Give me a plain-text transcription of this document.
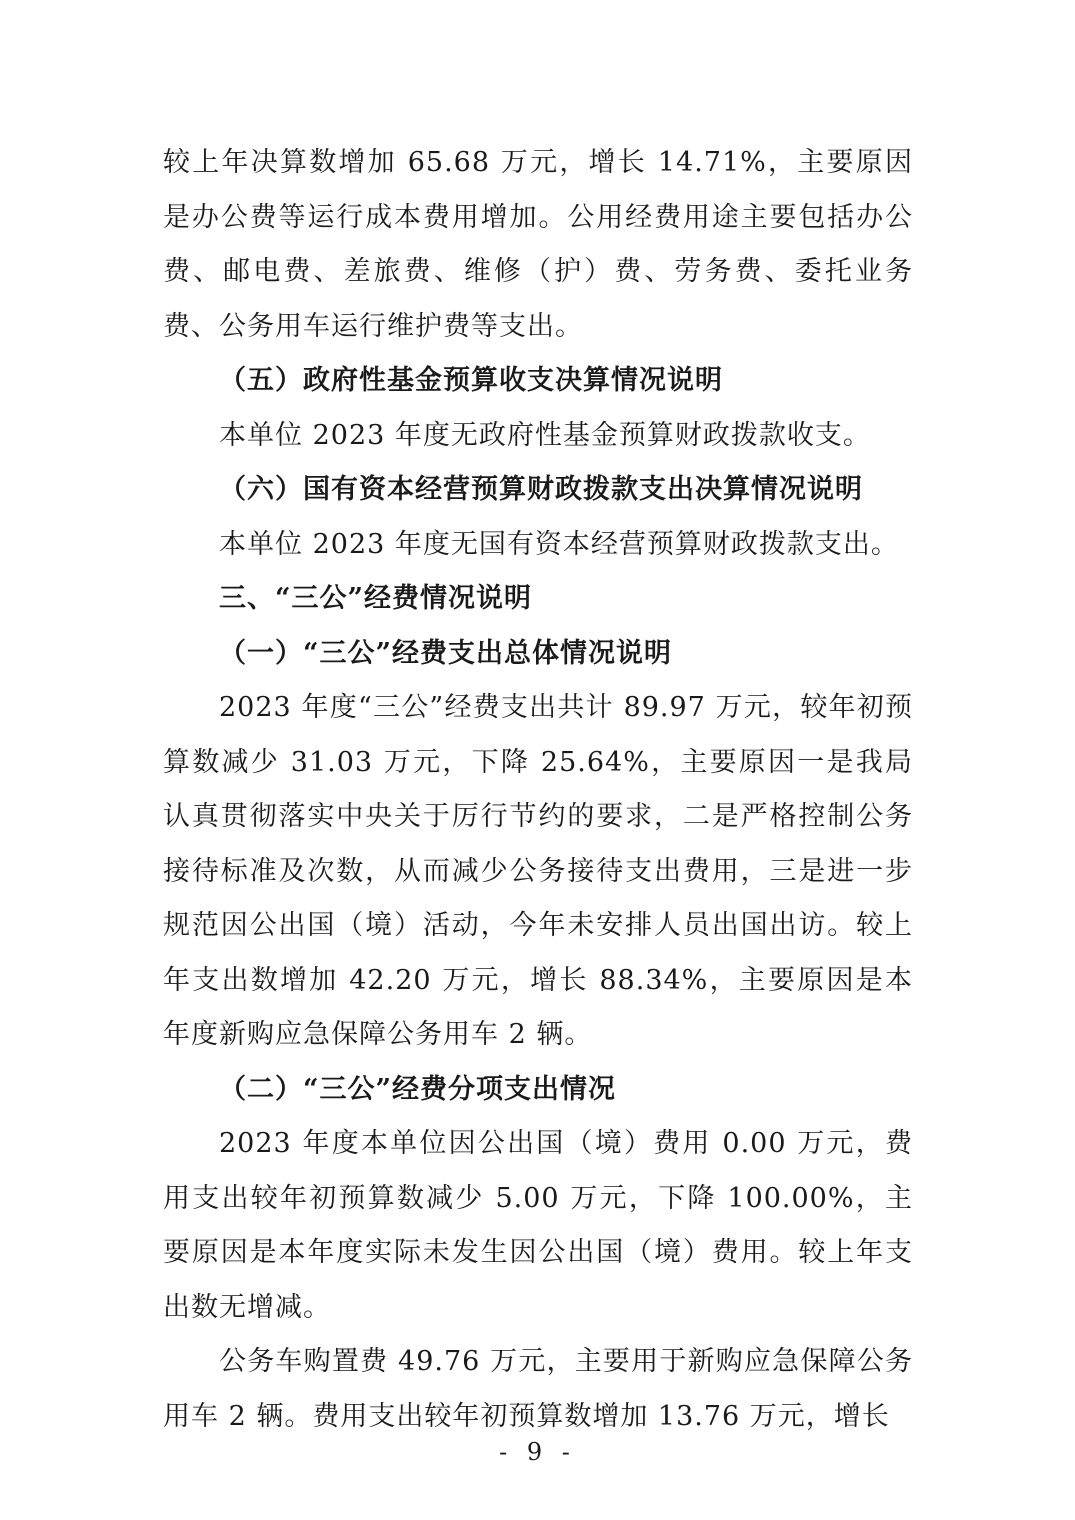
较上年决算数增加 65.68 万元，增长 14.71%，主要原因是办公费等运行成本费用增加。公用经费用途主要包括办公费、邮电费、差旅费、维修（护）费、劳务费、委托业务费、公务用车运行维护费等支出。

（五）政府性基金预算收支决算情况说明

本单位 2023 年度无政府性基金预算财政拨款收支。

（六）国有资本经营预算财政拨款支出决算情况说明

本单位 2023 年度无国有资本经营预算财政拨款支出。

三、“三公”经费情况说明

（一）“三公”经费支出总体情况说明

2023 年度“三公”经费支出共计 89.97 万元，较年初预算数减少 31.03 万元，下降 25.64%，主要原因一是我局认真贯彻落实中央关于厉行节约的要求，二是严格控制公务接待标准及次数，从而减少公务接待支出费用，三是进一步规范因公出国（境）活动，今年未安排人员出国出访。较上年支出数增加 42.20 万元，增长 88.34%，主要原因是本年度新购应急保障公务用车 2 辆。

（二）“三公”经费分项支出情况

2023 年度本单位因公出国（境）费用 0.00 万元，费用支出较年初预算数减少 5.00 万元，下降 100.00%，主要原因是本年度实际未发生因公出国（境）费用。较上年支出数无增减。

公务车购置费 49.76 万元，主要用于新购应急保障公务用车 2 辆。费用支出较年初预算数增加 13.76 万元，增长

- 9 -
